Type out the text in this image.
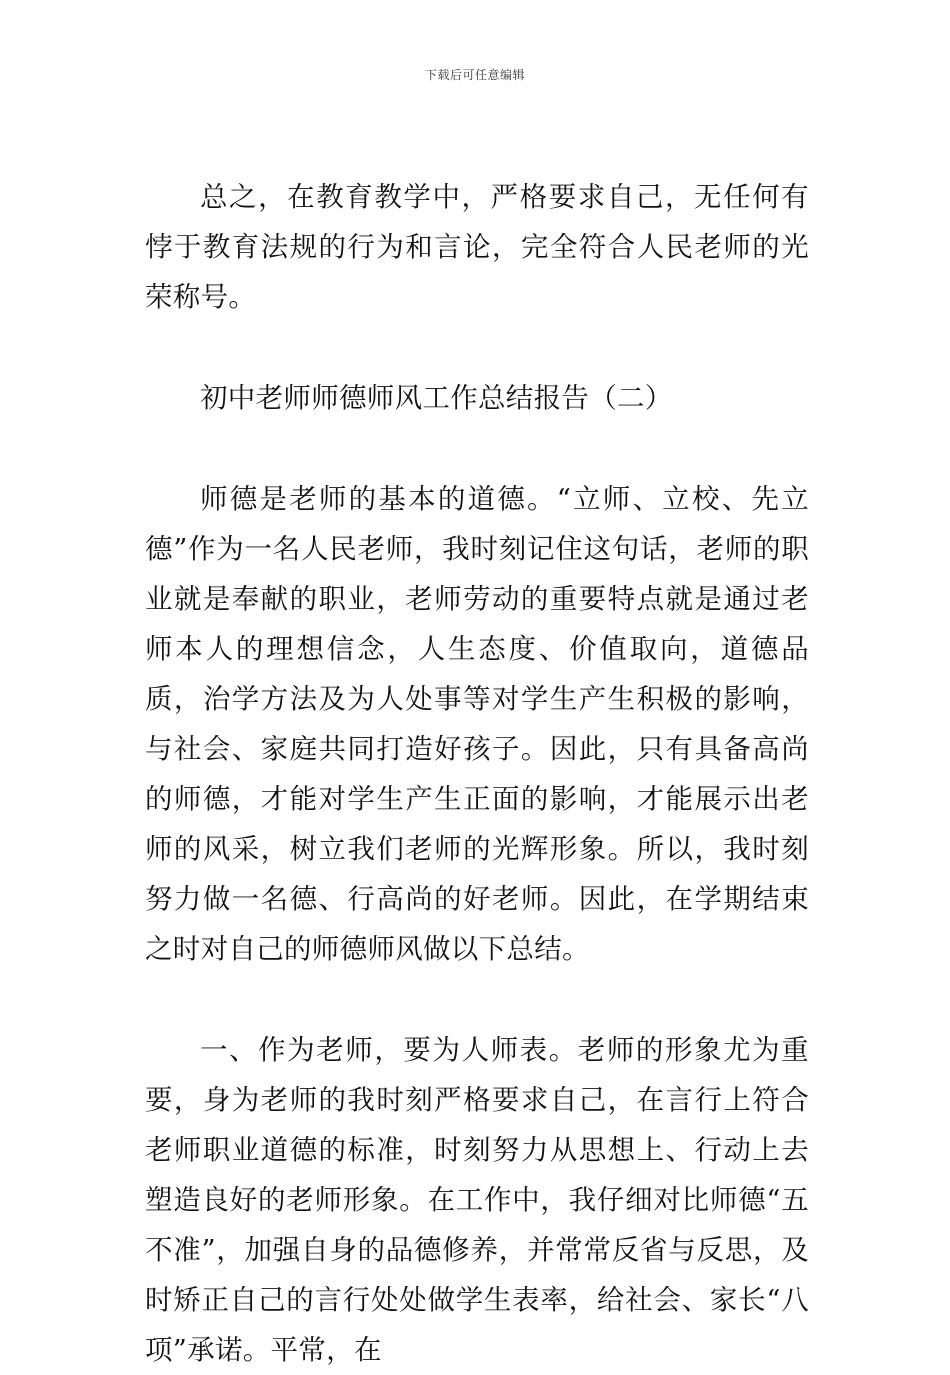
下载后可任意编辑

总之，在教育教学中，严格要求自己，无任何有悖于教育法规的行为和言论，完全符合人民老师的光荣称号。

初中老师师德师风工作总结报告（二）

师德是老师的基本的道德。“立师、立校、先立德”作为一名人民老师，我时刻记住这句话，老师的职业就是奉献的职业，老师劳动的重要特点就是通过老师本人的理想信念，人生态度、价值取向，道德品质，治学方法及为人处事等对学生产生积极的影响，与社会、家庭共同打造好孩子。因此，只有具备高尚的师德，才能对学生产生正面的影响，才能展示出老师的风采，树立我们老师的光辉形象。所以，我时刻努力做一名德、行高尚的好老师。因此，在学期结束之时对自己的师德师风做以下总结。

一、作为老师，要为人师表。老师的形象尤为重要，身为老师的我时刻严格要求自己，在言行上符合老师职业道德的标准，时刻努力从思想上、行动上去塑造良好的老师形象。在工作中，我仔细对比师德“五不准”，加强自身的品德修养，并常常反省与反思，及时矫正自己的言行处处做学生表率，给社会、家长“八项”承诺。平常，在
